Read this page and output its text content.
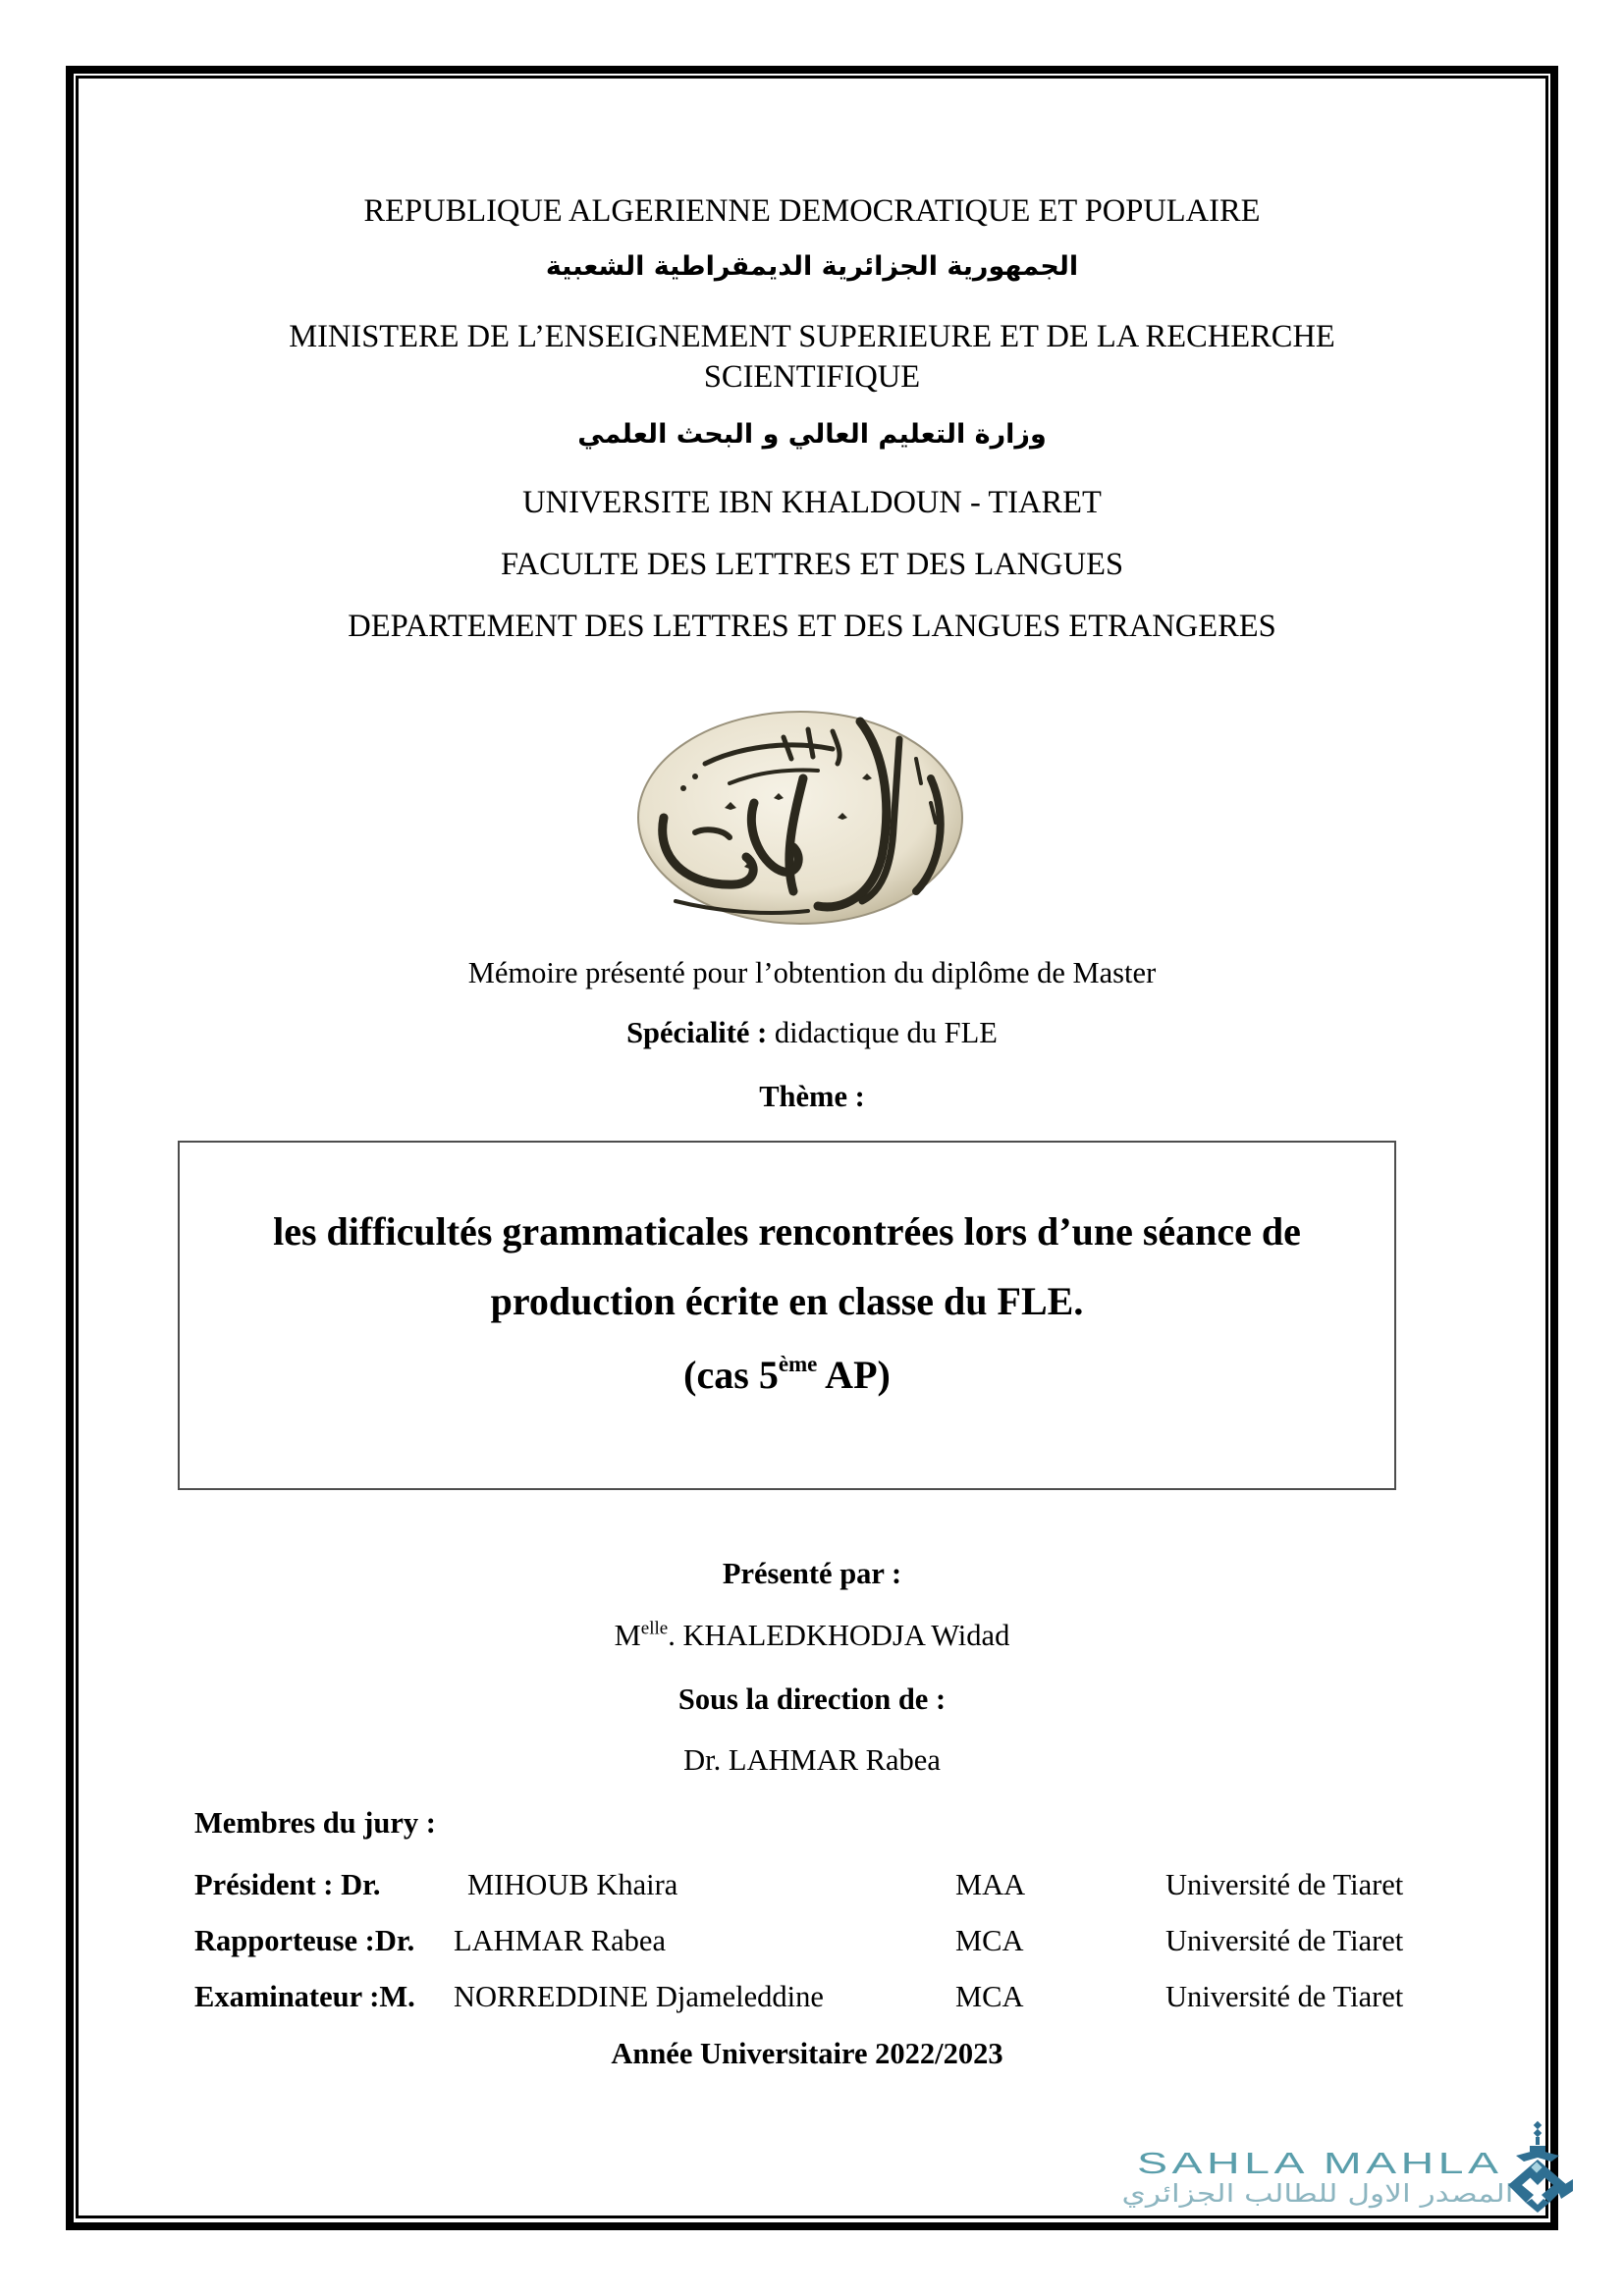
REPUBLIQUE ALGERIENNE DEMOCRATIQUE ET POPULAIRE
الجمهورية الجزائرية الديمقراطية الشعبية
MINISTERE DE L’ENSEIGNEMENT SUPERIEURE ET DE LA RECHERCHE
SCIENTIFIQUE
وزارة التعليم العالي و البحث العلمي
UNIVERSITE IBN KHALDOUN - TIARET
FACULTE DES LETTRES ET DES LANGUES
DEPARTEMENT DES LETTRES ET DES LANGUES ETRANGERES
Mémoire présenté pour l’obtention du diplôme de Master
Spécialité : didactique du FLE
Thème :
les difficultés grammaticales rencontrées lors d’une séance de
production écrite en classe du FLE.
(cas 5ème AP)
Présenté par :
$M^{elle}$. KHALEDKHODJA Widad
Sous la direction de :
Dr. LAHMAR Rabea
Membres du jury :
Président : Dr.	MIHOUB Khaira	MAA	Université de Tiaret
Rapporteuse :Dr. LAHMAR Rabea	MCA	Université de Tiaret
Examinateur :M. NORREDDINE Djameleddine	MCA	Université de Tiaret
Année Universitaire 2022/2023
SAHLA MAHLA
المصدر الاول للطالب الجزائري
